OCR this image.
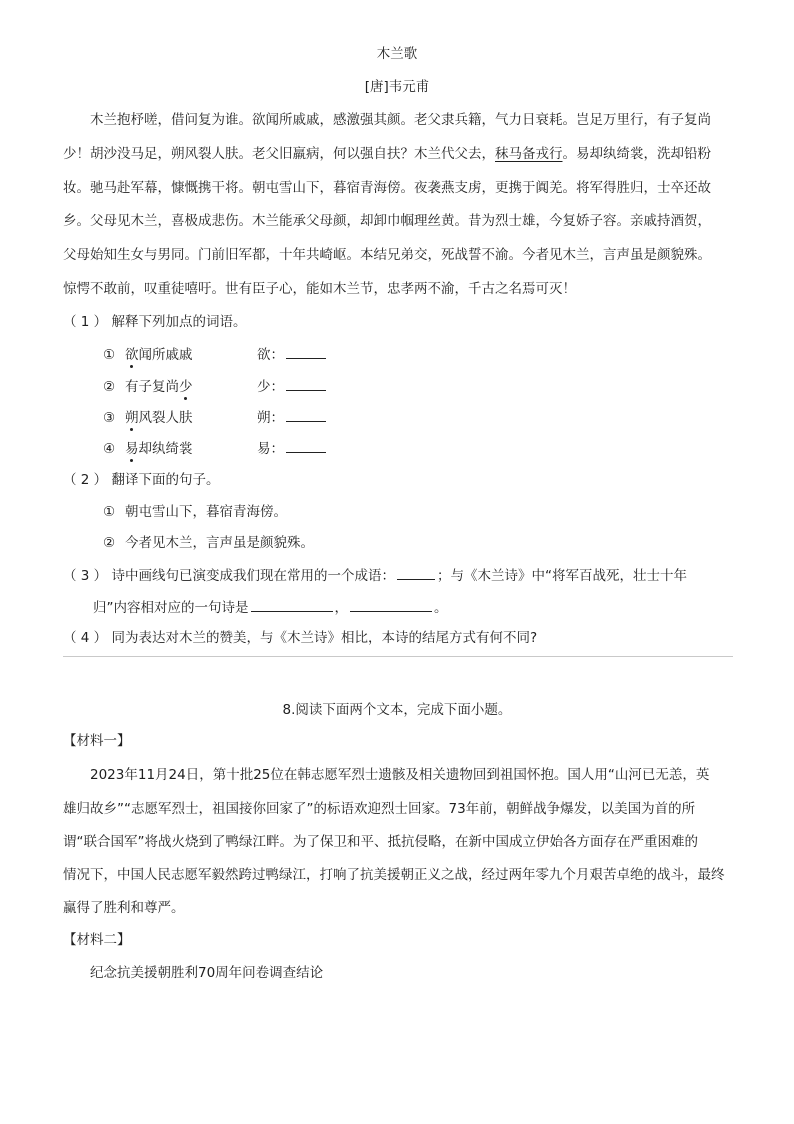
木兰歌
[唐]韦元甫
木兰抱杼嗟，借问复为谁。欲闻所戚戚，感激强其颜。老父隶兵籍，气力日衰耗。岂足万里行，有子复尚
少！胡沙没马足，朔风裂人肤。老父旧羸病，何以强自扶？木兰代父去，秣马备戎行。易却纨绮裳，洗却铅粉
妆。驰马赴军幕，慷慨携干将。朝屯雪山下，暮宿青海傍。夜袭燕支虏，更携于阗羌。将军得胜归，士卒还故
乡。父母见木兰，喜极成悲伤。木兰能承父母颜，却卸巾帼理丝黄。昔为烈士雄，今复娇子容。亲戚持酒贺，
父母始知生女与男同。门前旧军都，十年共崎岖。本结兄弟交，死战誓不渝。今者见木兰，言声虽是颜貌殊。
惊愕不敢前，叹重徒嘻吁。世有臣子心，能如木兰节，忠孝两不渝，千古之名焉可灭！
（ 1 ） 解释下列加点的词语。
① 欲闻所戚戚	欲：
② 有子复尚少	少：
③ 朔风裂人肤	朔：
④ 易却纨绮裳	易：
（ 2 ） 翻译下面的句子。
① 朝屯雪山下，暮宿青海傍。
② 今者见木兰，言声虽是颜貌殊。
（ 3 ） 诗中画线句已演变成我们现在常用的一个成语：	；与《木兰诗》中“将军百战死，壮士十年
归”内容相对应的一句诗是	，	。
（ 4 ） 同为表达对木兰的赞美，与《木兰诗》相比，本诗的结尾方式有何不同?
8.阅读下面两个文本，完成下面小题。
【材料一】
2023年11月24日，第十批25位在韩志愿军烈士遗骸及相关遗物回到祖国怀抱。国人用“山河已无恙，英
雄归故乡”“志愿军烈士，祖国接你回家了”的标语欢迎烈士回家。73年前，朝鲜战争爆发，以美国为首的所
谓“联合国军”将战火烧到了鸭绿江畔。为了保卫和平、抵抗侵略，在新中国成立伊始各方面存在严重困难的
情况下，中国人民志愿军毅然跨过鸭绿江，打响了抗美援朝正义之战，经过两年零九个月艰苦卓绝的战斗，最终
赢得了胜利和尊严。
【材料二】
纪念抗美援朝胜利70周年问卷调查结论
